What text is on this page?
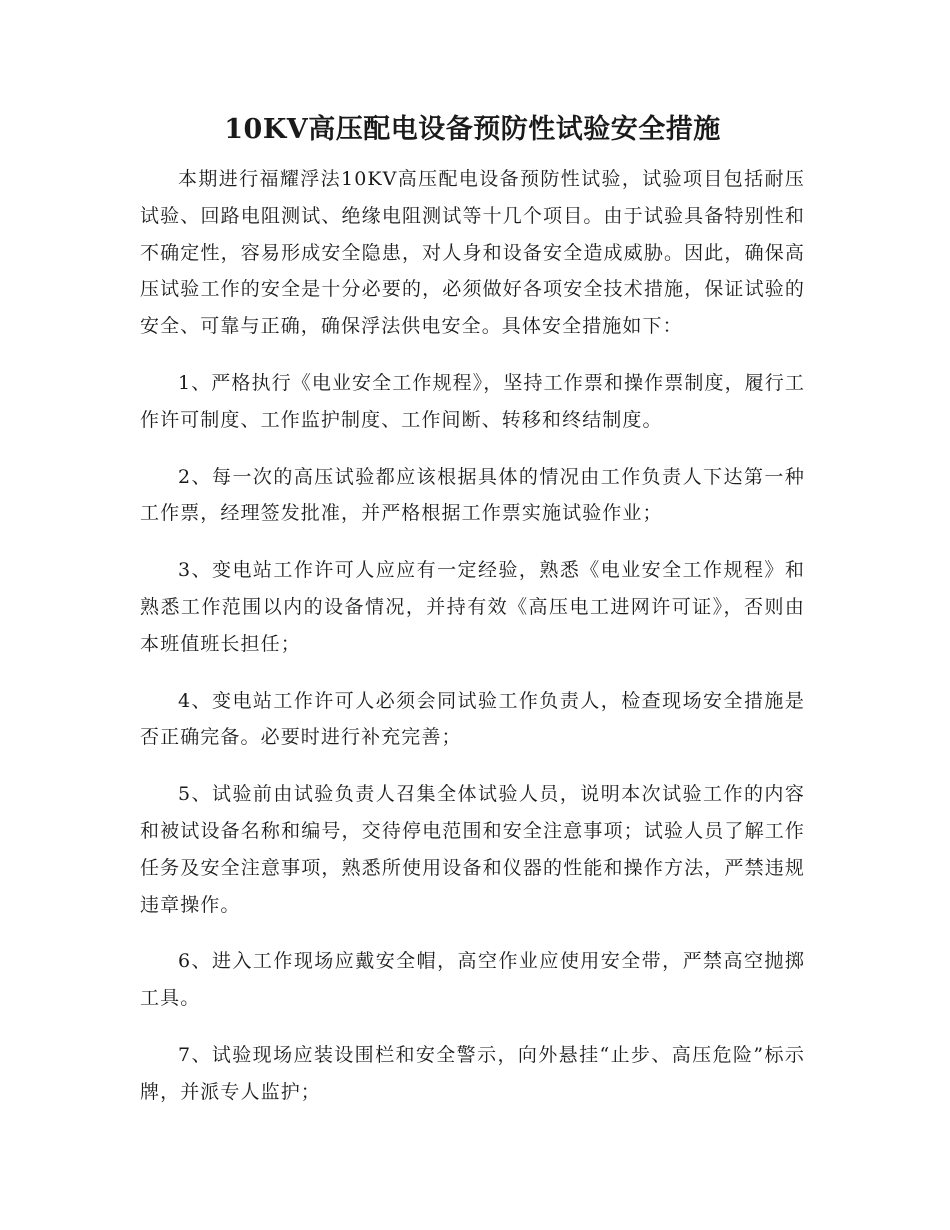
10KV高压配电设备预防性试验安全措施

本期进行福耀浮法10KV高压配电设备预防性试验，试验项目包括耐压试验、回路电阻测试、绝缘电阻测试等十几个项目。由于试验具备特别性和不确定性，容易形成安全隐患，对人身和设备安全造成威胁。因此，确保高压试验工作的安全是十分必要的，必须做好各项安全技术措施，保证试验的安全、可靠与正确，确保浮法供电安全。具体安全措施如下：

1、严格执行《电业安全工作规程》，坚持工作票和操作票制度，履行工作许可制度、工作监护制度、工作间断、转移和终结制度。

2、每一次的高压试验都应该根据具体的情况由工作负责人下达第一种工作票，经理签发批准，并严格根据工作票实施试验作业；

3、变电站工作许可人应应有一定经验，熟悉《电业安全工作规程》和熟悉工作范围以内的设备情况，并持有效《高压电工进网许可证》，否则由本班值班长担任；

4、变电站工作许可人必须会同试验工作负责人，检查现场安全措施是否正确完备。必要时进行补充完善；

5、试验前由试验负责人召集全体试验人员，说明本次试验工作的内容和被试设备名称和编号，交待停电范围和安全注意事项；试验人员了解工作任务及安全注意事项，熟悉所使用设备和仪器的性能和操作方法，严禁违规违章操作。

6、进入工作现场应戴安全帽，高空作业应使用安全带，严禁高空抛掷工具。

7、试验现场应装设围栏和安全警示，向外悬挂“止步、高压危险”标示牌，并派专人监护；
